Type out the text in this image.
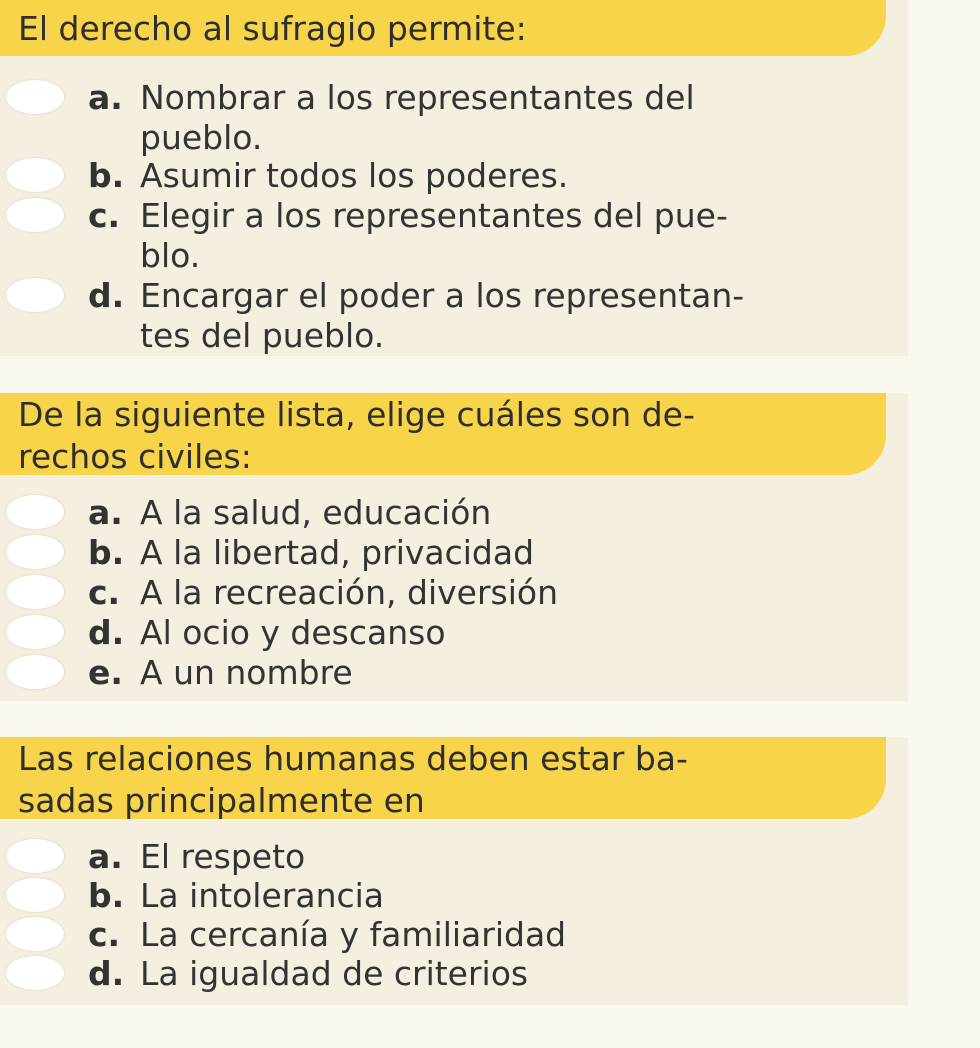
El derecho al sufragio permite:
a. Nombrar a los representantes del
pueblo.
b. Asumir todos los poderes.
c. Elegir a los representantes del pue-
blo.
d. Encargar el poder a los representan-
tes del pueblo.
De la siguiente lista, elige cuáles son de-
rechos civiles:
a. A la salud, educación
b. A la libertad, privacidad
c. A la recreación, diversión
d. Al ocio y descanso
e. A un nombre
Las relaciones humanas deben estar ba-
sadas principalmente en
a. El respeto
b. La intolerancia
c. La cercanía y familiaridad
d. La igualdad de criterios
